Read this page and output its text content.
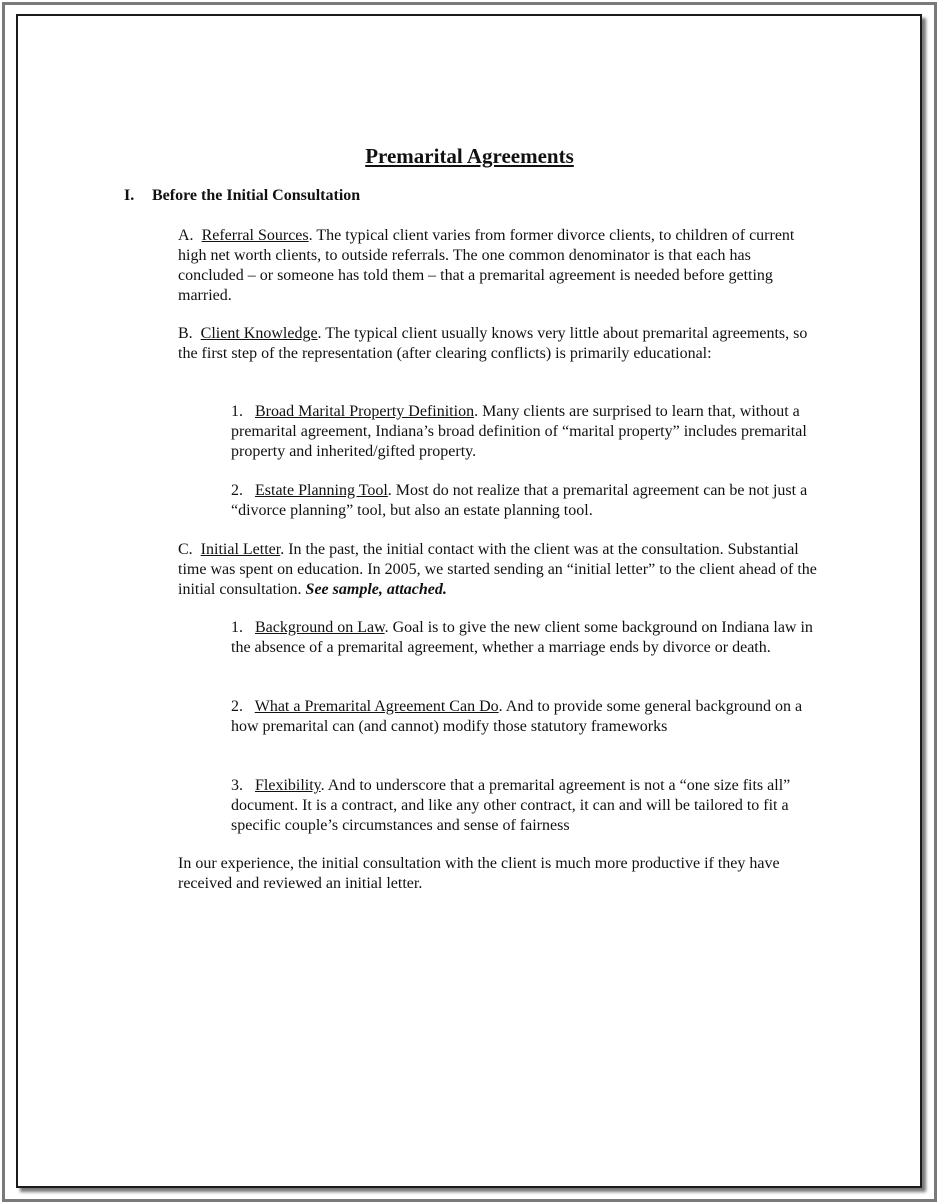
Premarital Agreements
I. Before the Initial Consultation
A. Referral Sources. The typical client varies from former divorce clients, to children of current high net worth clients, to outside referrals. The one common denominator is that each has concluded – or someone has told them – that a premarital agreement is needed before getting married.
B. Client Knowledge. The typical client usually knows very little about premarital agreements, so the first step of the representation (after clearing conflicts) is primarily educational:
1. Broad Marital Property Definition. Many clients are surprised to learn that, without a premarital agreement, Indiana’s broad definition of “marital property” includes premarital property and inherited/gifted property.
2. Estate Planning Tool. Most do not realize that a premarital agreement can be not just a “divorce planning” tool, but also an estate planning tool.
C. Initial Letter. In the past, the initial contact with the client was at the consultation. Substantial time was spent on education. In 2005, we started sending an “initial letter” to the client ahead of the initial consultation. See sample, attached.
1. Background on Law. Goal is to give the new client some background on Indiana law in the absence of a premarital agreement, whether a marriage ends by divorce or death.
2. What a Premarital Agreement Can Do. And to provide some general background on a how premarital can (and cannot) modify those statutory frameworks
3. Flexibility. And to underscore that a premarital agreement is not a “one size fits all” document. It is a contract, and like any other contract, it can and will be tailored to fit a specific couple’s circumstances and sense of fairness
In our experience, the initial consultation with the client is much more productive if they have received and reviewed an initial letter.
